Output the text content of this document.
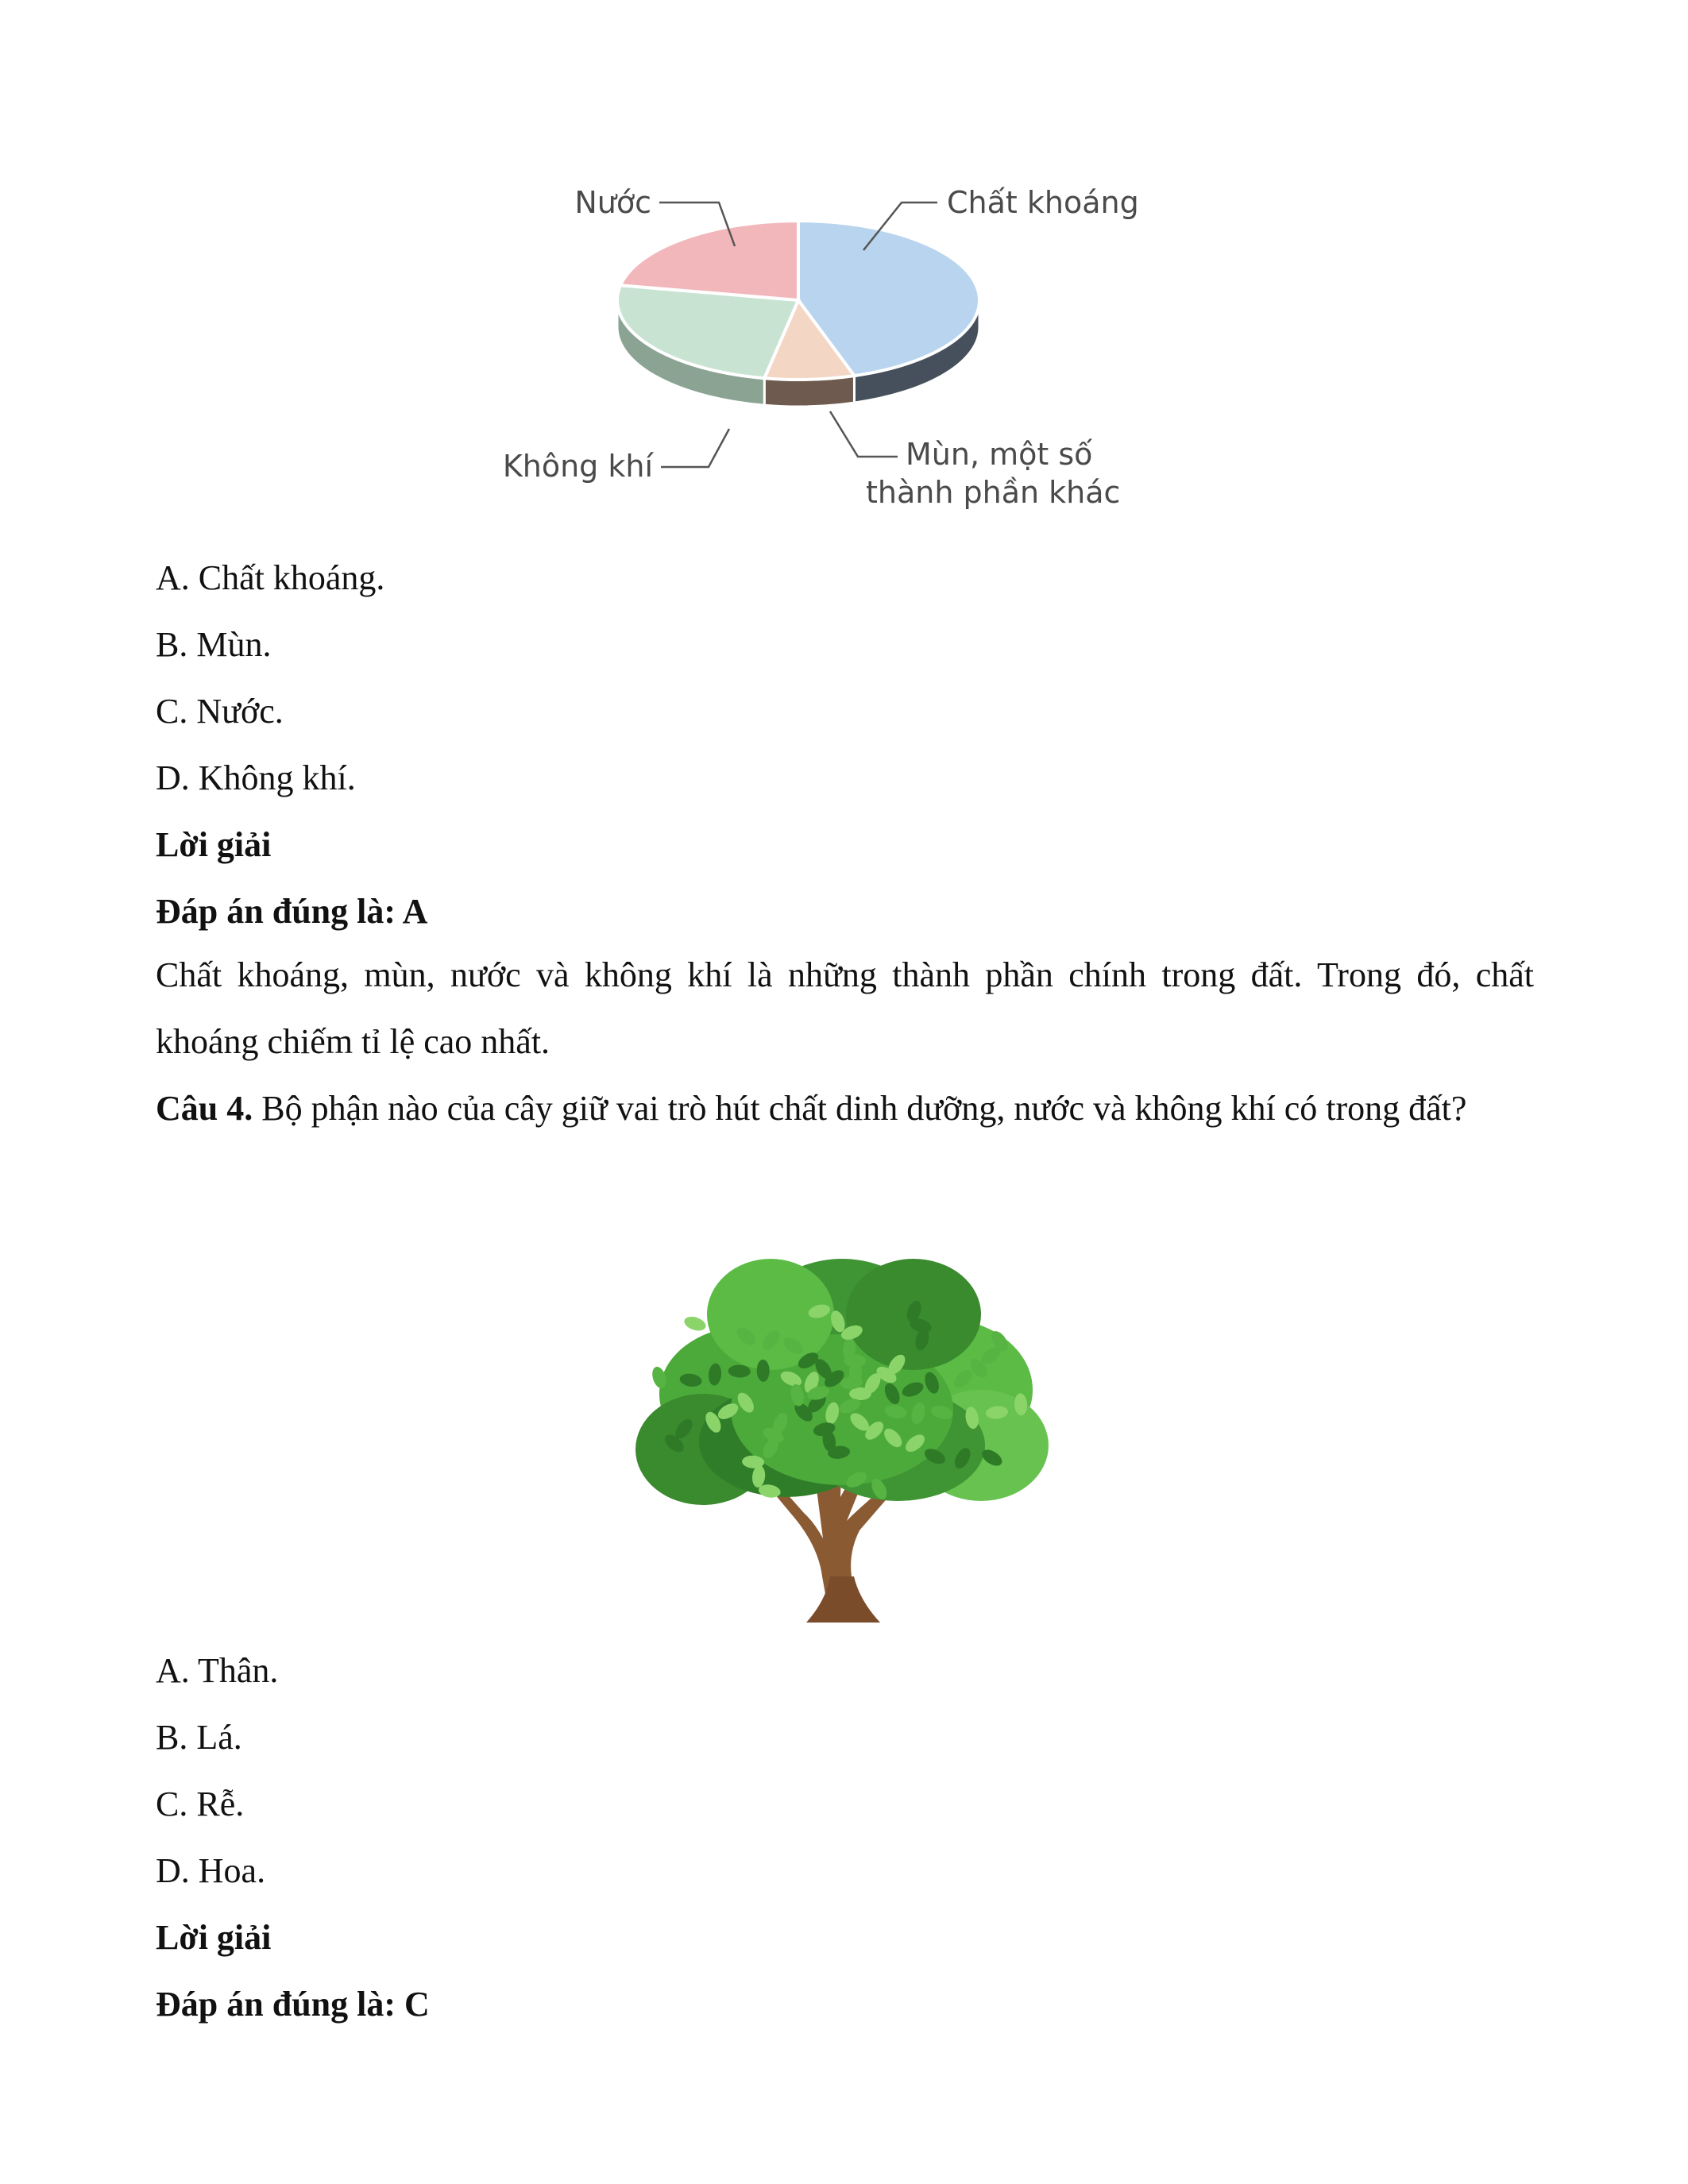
Nước	Chất khoáng
Không khí	Mùn, một số
thành phần khác
A. Chất khoáng.
B. Mùn.
C. Nước.
D. Không khí.
Lời giải
Đáp án đúng là: A
Chất khoáng, mùn, nước và không khí là những thành phần chính trong đất. Trong đó, chất khoáng chiếm tỉ lệ cao nhất.
Câu 4. Bộ phận nào của cây giữ vai trò hút chất dinh dưỡng, nước và không khí có trong đất?
A. Thân.
B. Lá.
C. Rễ.
D. Hoa.
Lời giải
Đáp án đúng là: C
